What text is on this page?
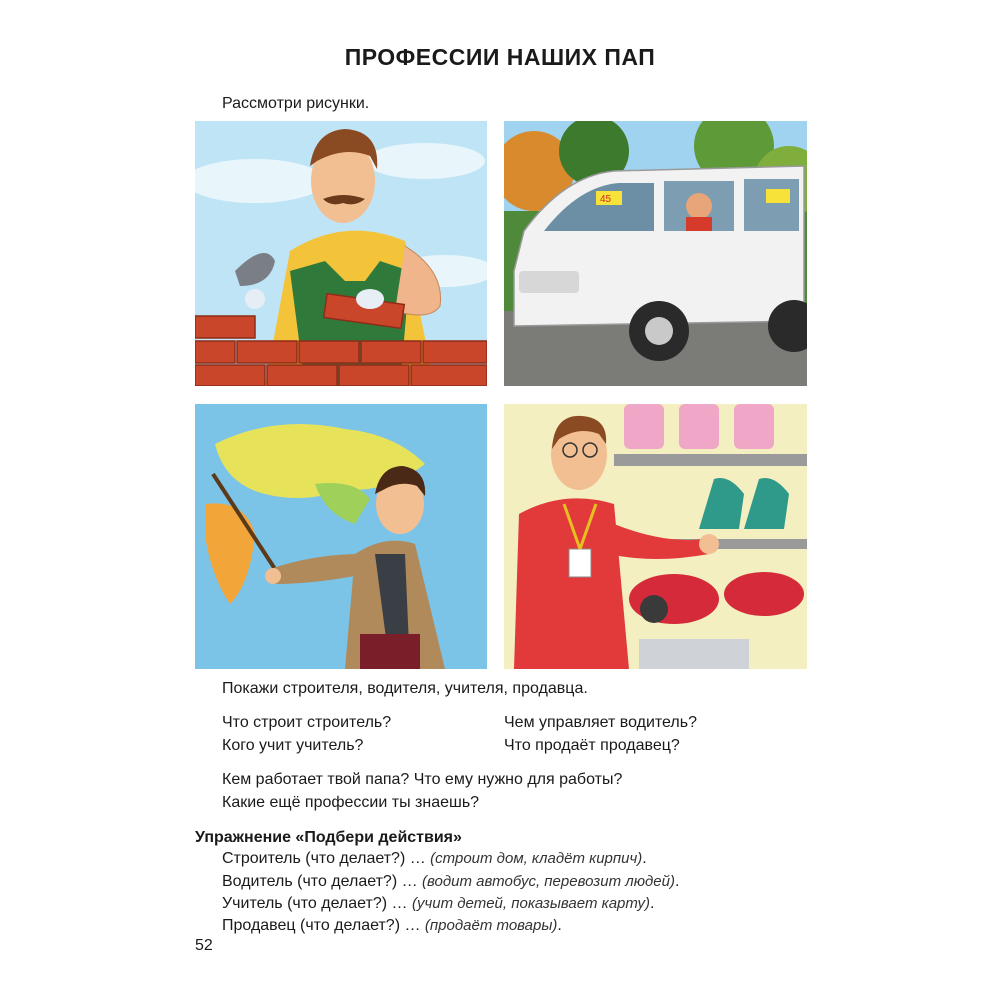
ПРОФЕССИИ НАШИХ ПАП
Рассмотри рисунки.
45
Покажи строителя, водителя, учителя, продавца.
Что строит строитель?	Чем управляет водитель?
Кого учит учитель?	Что продаёт продавец?
Кем работает твой папа? Что ему нужно для работы?
Какие ещё профессии ты знаешь?
Упражнение «Подбери действия»
Строитель (что делает?) … (строит дом, кладёт кирпич).
Водитель (что делает?) … (водит автобус, перевозит людей).
Учитель (что делает?) … (учит детей, показывает карту).
Продавец (что делает?) … (продаёт товары).
52
